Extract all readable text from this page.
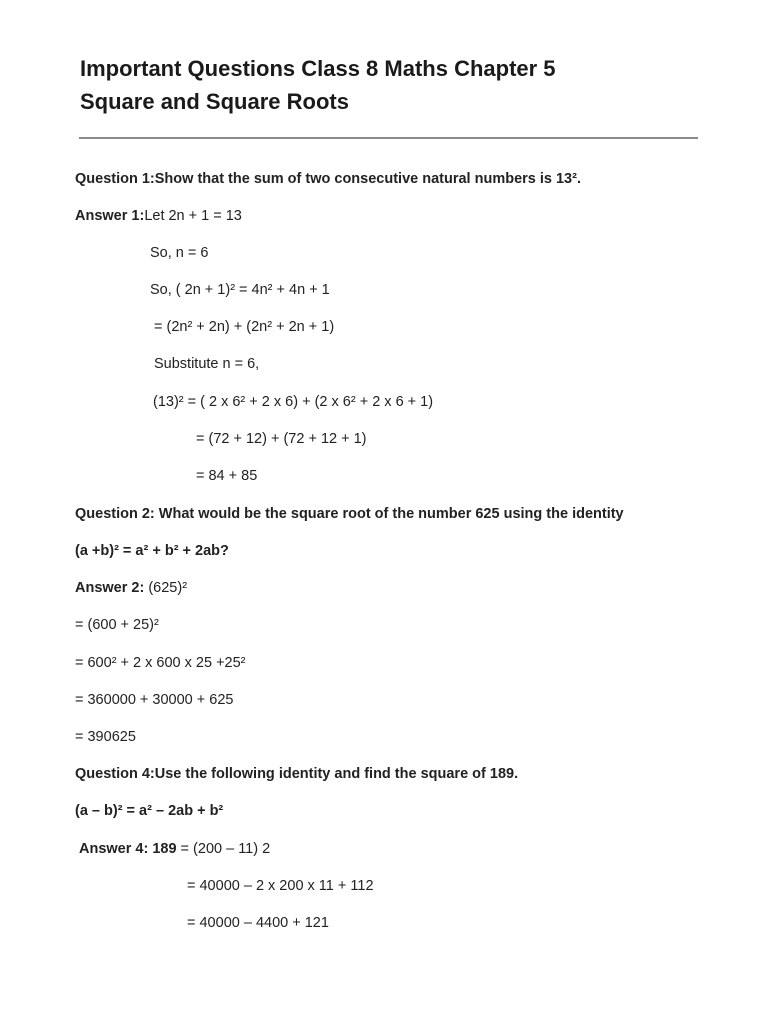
Important Questions Class 8 Maths Chapter 5
Square and Square Roots
Question 1:Show that the sum of two consecutive natural numbers is 13².
Answer 1:Let 2n + 1 = 13
So, n = 6
So, ( 2n + 1)² = 4n² + 4n + 1
= (2n² + 2n) + (2n² + 2n + 1)
Substitute n = 6,
(13)² = ( 2 x 6² + 2 x 6) + (2 x 6² + 2 x 6 + 1)
= (72 + 12) + (72 + 12 + 1)
= 84 + 85
Question 2: What would be the square root of the number 625 using the identity
(a +b)² = a² + b² + 2ab?
Answer 2: (625)²
= (600 + 25)²
= 600² + 2 x 600 x 25 +25²
= 360000 + 30000 + 625
= 390625
Question 4:Use the following identity and find the square of 189.
(a – b)² = a² – 2ab + b²
Answer 4: 189 = (200 – 11) 2
= 40000 – 2 x 200 x 11 + 112
= 40000 – 4400 + 121
